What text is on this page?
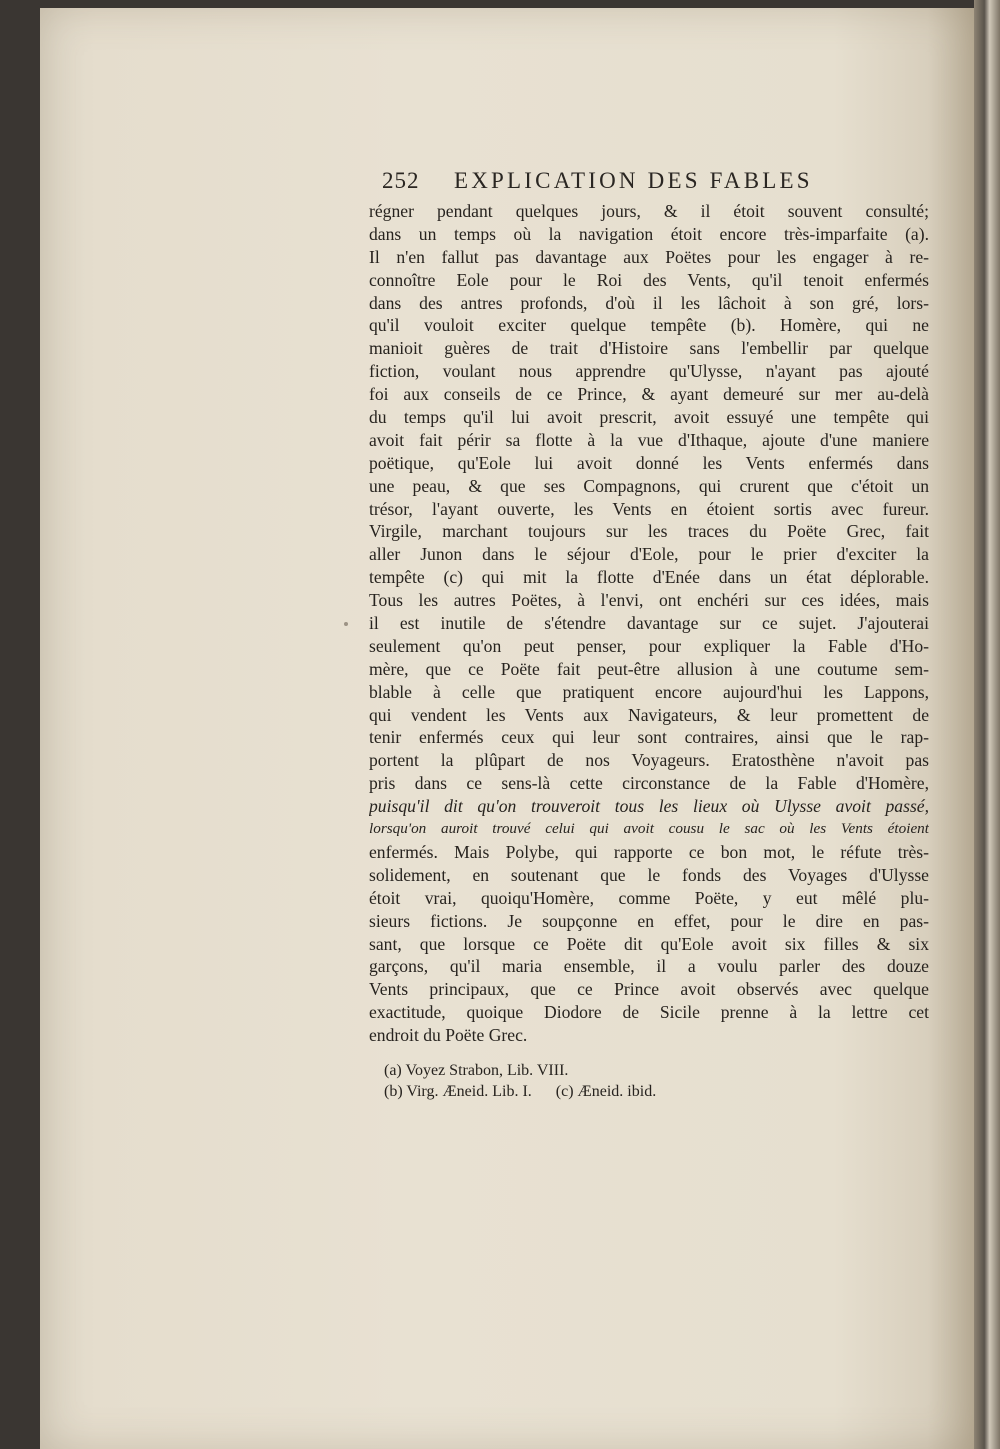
252 EXPLICATION DES FABLES
régner pendant quelques jours, & il étoit souvent consulté;
dans un temps où la navigation étoit encore très-imparfaite (a).
Il n'en fallut pas davantage aux Poëtes pour les engager à re-
connoître Eole pour le Roi des Vents, qu'il tenoit enfermés
dans des antres profonds, d'où il les lâchoit à son gré, lors-
qu'il vouloit exciter quelque tempête (b). Homère, qui ne
manioit guères de trait d'Histoire sans l'embellir par quelque
fiction, voulant nous apprendre qu'Ulysse, n'ayant pas ajouté
foi aux conseils de ce Prince, & ayant demeuré sur mer au-delà
du temps qu'il lui avoit prescrit, avoit essuyé une tempête qui
avoit fait périr sa flotte à la vue d'Ithaque, ajoute d'une maniere
poëtique, qu'Eole lui avoit donné les Vents enfermés dans
une peau, & que ses Compagnons, qui crurent que c'étoit un
trésor, l'ayant ouverte, les Vents en étoient sortis avec fureur.
Virgile, marchant toujours sur les traces du Poëte Grec, fait
aller Junon dans le séjour d'Eole, pour le prier d'exciter la
tempête (c) qui mit la flotte d'Enée dans un état déplorable.
Tous les autres Poëtes, à l'envi, ont enchéri sur ces idées, mais
il est inutile de s'étendre davantage sur ce sujet. J'ajouterai
seulement qu'on peut penser, pour expliquer la Fable d'Ho-
mère, que ce Poëte fait peut-être allusion à une coutume sem-
blable à celle que pratiquent encore aujourd'hui les Lappons,
qui vendent les Vents aux Navigateurs, & leur promettent de
tenir enfermés ceux qui leur sont contraires, ainsi que le rap-
portent la plûpart de nos Voyageurs. Eratosthène n'avoit pas
pris dans ce sens-là cette circonstance de la Fable d'Homère,
puisqu'il dit qu'on trouveroit tous les lieux où Ulysse avoit passé,
lorsqu'on auroit trouvé celui qui avoit cousu le sac où les Vents étoient
enfermés. Mais Polybe, qui rapporte ce bon mot, le réfute très-
solidement, en soutenant que le fonds des Voyages d'Ulysse
étoit vrai, quoiqu'Homère, comme Poëte, y eut mêlé plu-
sieurs fictions. Je soupçonne en effet, pour le dire en pas-
sant, que lorsque ce Poëte dit qu'Eole avoit six filles & six
garçons, qu'il maria ensemble, il a voulu parler des douze
Vents principaux, que ce Prince avoit observés avec quelque
exactitude, quoique Diodore de Sicile prenne à la lettre cet
endroit du Poëte Grec.
(a) Voyez Strabon, Lib. VIII.
(b) Virg. Æneid. Lib. I.      (c) Æneid. ibid.
